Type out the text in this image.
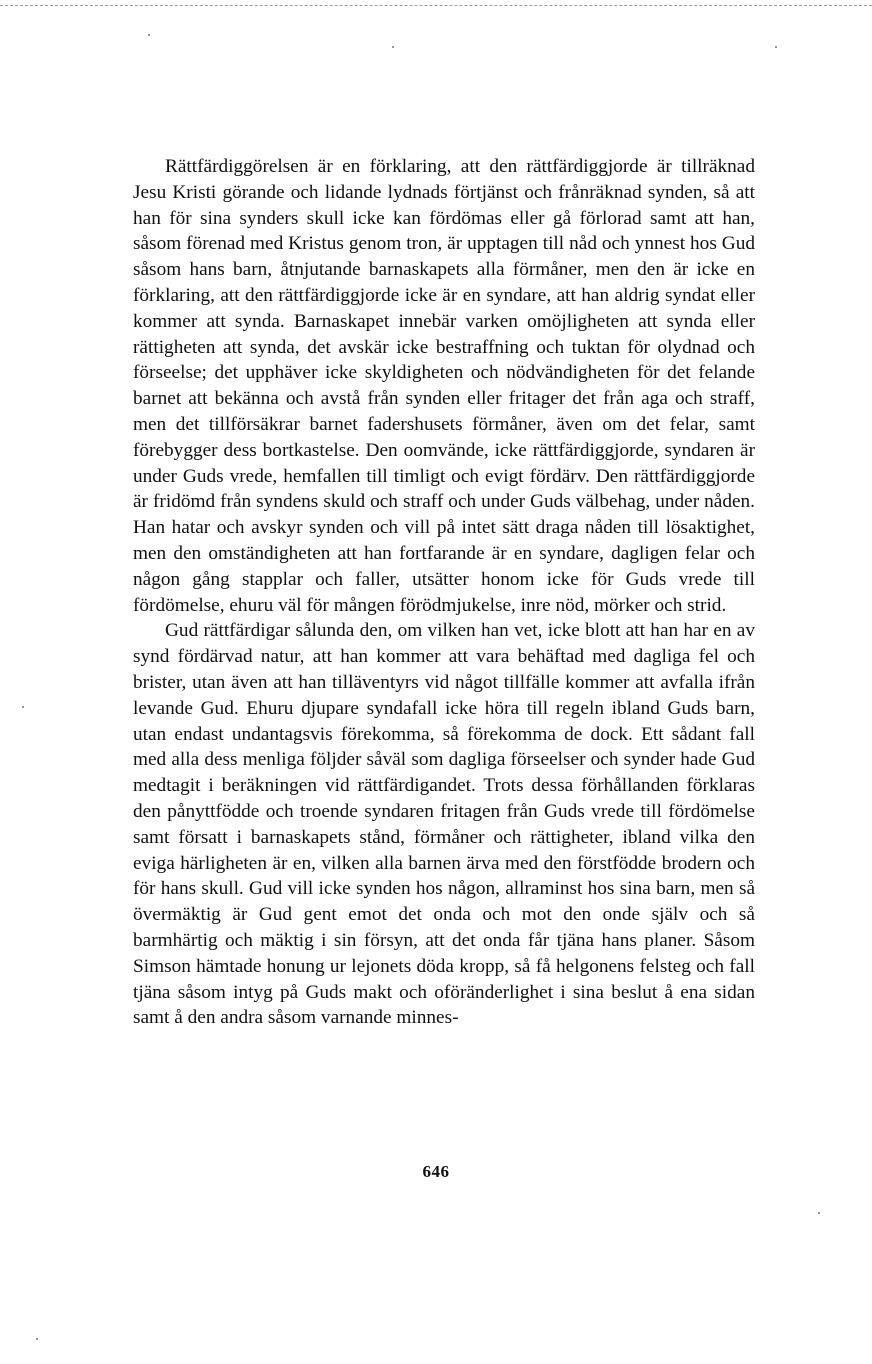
Rättfärdiggörelsen är en förklaring, att den rättfärdiggjorde är tillräknad Jesu Kristi görande och lidande lydnads förtjänst och frånräknad synden, så att han för sina synders skull icke kan fördömas eller gå förlorad samt att han, såsom förenad med Kristus genom tron, är upptagen till nåd och ynnest hos Gud såsom hans barn, åtnjutande barnaskapets alla förmåner, men den är icke en förklaring, att den rättfärdiggjorde icke är en syndare, att han aldrig syndat eller kommer att synda. Barnaskapet innebär varken omöjligheten att synda eller rättigheten att synda, det avskär icke bestraffning och tuktan för olydnad och förseelse; det upphäver icke skyldigheten och nödvändigheten för det felande barnet att bekänna och avstå från synden eller fritager det från aga och straff, men det tillförsäkrar barnet fadershusets förmåner, även om det felar, samt förebygger dess bortkastelse. Den oomvände, icke rättfärdiggjorde, syndaren är under Guds vrede, hemfallen till timligt och evigt fördärv. Den rättfärdiggjorde är fridömd från syndens skuld och straff och under Guds välbehag, under nåden. Han hatar och avskyr synden och vill på intet sätt draga nåden till lösaktighet, men den omständigheten att han fortfarande är en syndare, dagligen felar och någon gång stapplar och faller, utsätter honom icke för Guds vrede till fördömelse, ehuru väl för mången förödmjukelse, inre nöd, mörker och strid.

Gud rättfärdigar sålunda den, om vilken han vet, icke blott att han har en av synd fördärvad natur, att han kommer att vara behäftad med dagliga fel och brister, utan även att han tilläventyrs vid något tillfälle kommer att avfalla ifrån levande Gud. Ehuru djupare syndafall icke höra till regeln ibland Guds barn, utan endast undantagsvis förekomma, så förekomma de dock. Ett sådant fall med alla dess menliga följder såväl som dagliga förseelser och synder hade Gud medtagit i beräkningen vid rättfärdigandet. Trots dessa förhållanden förklaras den pånyttfödde och troende syndaren fritagen från Guds vrede till fördömelse samt försatt i barnaskapets stånd, förmåner och rättigheter, ibland vilka den eviga härligheten är en, vilken alla barnen ärva med den förstfödde brodern och för hans skull. Gud vill icke synden hos någon, allraminst hos sina barn, men så övermäktig är Gud gent emot det onda och mot den onde själv och så barmhärtig och mäktig i sin försyn, att det onda får tjäna hans planer. Såsom Simson hämtade honung ur lejonets döda kropp, så få helgonens felsteg och fall tjäna såsom intyg på Guds makt och oföränderlighet i sina beslut å ena sidan samt å den andra såsom varnande minnes-

646
